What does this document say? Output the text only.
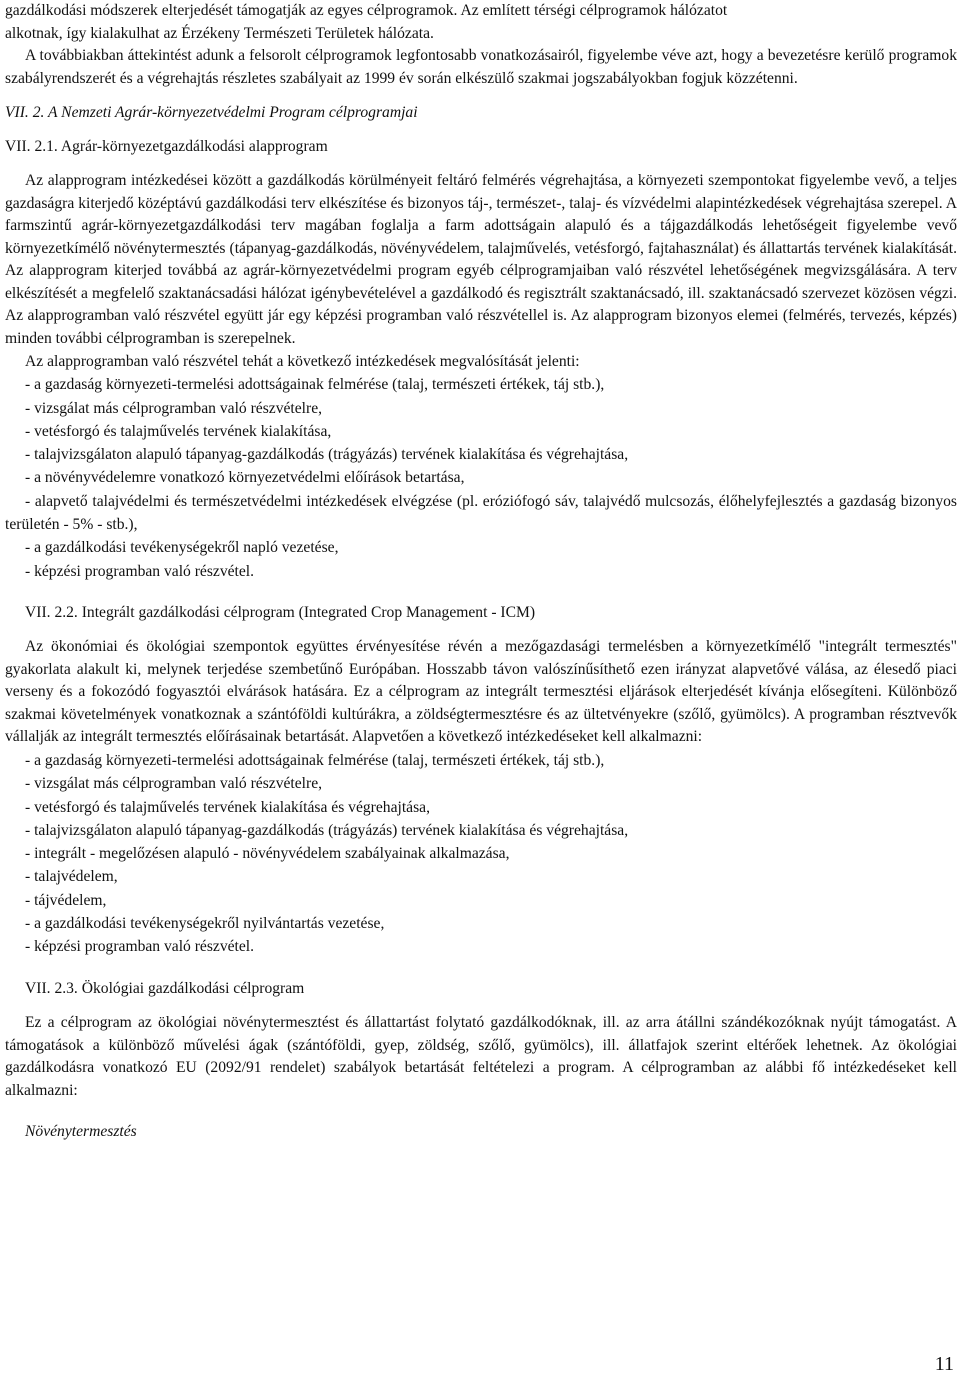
gazdálkodási módszerek elterjedését támogatják az egyes célprogramok. Az említett térségi célprogramok hálózatot

alkotnak, így kialakulhat az Érzékeny Természeti Területek hálózata.

A továbbiakban áttekintést adunk a felsorolt célprogramok legfontosabb vonatkozásairól, figyelembe véve azt, hogy a bevezetésre kerülő programok szabályrendszerét és a végrehajtás részletes szabályait az 1999 év során elkészülő szakmai jogszabályokban fogjuk közzétenni.

VII. 2. A Nemzeti Agrár-környezetvédelmi Program célprogramjai

VII. 2.1. Agrár-környezetgazdálkodási alapprogram

Az alapprogram intézkedései között a gazdálkodás körülményeit feltáró felmérés végrehajtása, a környezeti szempontokat figyelembe vevő, a teljes gazdaságra kiterjedő középtávú gazdálkodási terv elkészítése és bizonyos táj-, természet-, talaj- és vízvédelmi alapintézkedések végrehajtása szerepel. A farmszintű agrár-környezetgazdálkodási terv magában foglalja a farm adottságain alapuló és a tájgazdálkodás lehetőségeit figyelembe vevő környezetkímélő növénytermesztés (tápanyag-gazdálkodás, növényvédelem, talajművelés, vetésforgó, fajtahasználat) és állattartás tervének kialakítását. Az alapprogram kiterjed továbbá az agrár-környezetvédelmi program egyéb célprogramjaiban való részvétel lehetőségének megvizsgálására. A terv elkészítését a megfelelő szaktanácsadási hálózat igénybevételével a gazdálkodó és regisztrált szaktanácsadó, ill. szaktanácsadó szervezet közösen végzi. Az alapprogramban való részvétel együtt jár egy képzési programban való részvétellel is. Az alapprogram bizonyos elemei (felmérés, tervezés, képzés) minden további célprogramban is szerepelnek.

Az alapprogramban való részvétel tehát a következő intézkedések megvalósítását jelenti:

- a gazdaság környezeti-termelési adottságainak felmérése (talaj, természeti értékek, táj stb.),

- vizsgálat más célprogramban való részvételre,

- vetésforgó és talajművelés tervének kialakítása,

- talajvizsgálaton alapuló tápanyag-gazdálkodás (trágyázás) tervének kialakítása és végrehajtása,

- a növényvédelemre vonatkozó környezetvédelmi előírások betartása,

- alapvető talajvédelmi és természetvédelmi intézkedések elvégzése (pl. eróziófogó sáv, talajvédő mulcsozás, élőhelyfejlesztés a gazdaság bizonyos területén - 5% - stb.),

- a gazdálkodási tevékenységekről napló vezetése,

- képzési programban való részvétel.

VII. 2.2. Integrált gazdálkodási célprogram (Integrated Crop Management - ICM)

Az ökonómiai és ökológiai szempontok együttes érvényesítése révén a mezőgazdasági termelésben a környezetkímélő "integrált termesztés" gyakorlata alakult ki, melynek terjedése szembetűnő Európában. Hosszabb távon valószínűsíthető ezen irányzat alapvetővé válása, az élesedő piaci verseny és a fokozódó fogyasztói elvárások hatására. Ez a célprogram az integrált termesztési eljárások elterjedését kívánja elősegíteni. Különböző szakmai követelmények vonatkoznak a szántóföldi kultúrákra, a zöldségtermesztésre és az ültetvényekre (szőlő, gyümölcs). A programban résztvevők vállalják az integrált termesztés előírásainak betartását. Alapvetően a következő intézkedéseket kell alkalmazni:

- a gazdaság környezeti-termelési adottságainak felmérése (talaj, természeti értékek, táj stb.),

- vizsgálat más célprogramban való részvételre,

- vetésforgó és talajművelés tervének kialakítása és végrehajtása,

- talajvizsgálaton alapuló tápanyag-gazdálkodás (trágyázás) tervének kialakítása és végrehajtása,

- integrált - megelőzésen alapuló - növényvédelem szabályainak alkalmazása,

- talajvédelem,

- tájvédelem,

- a gazdálkodási tevékenységekről nyilvántartás vezetése,

- képzési programban való részvétel.

VII. 2.3. Ökológiai gazdálkodási célprogram

Ez a célprogram az ökológiai növénytermesztést és állattartást folytató gazdálkodóknak, ill. az arra átállni szándékozóknak nyújt támogatást. A támogatások a különböző művelési ágak (szántóföldi, gyep, zöldség, szőlő, gyümölcs), ill. állatfajok szerint eltérőek lehetnek. Az ökológiai gazdálkodásra vonatkozó EU (2092/91 rendelet) szabályok betartását feltételezi a program. A célprogramban az alábbi fő intézkedéseket kell alkalmazni:

Növénytermesztés

11
